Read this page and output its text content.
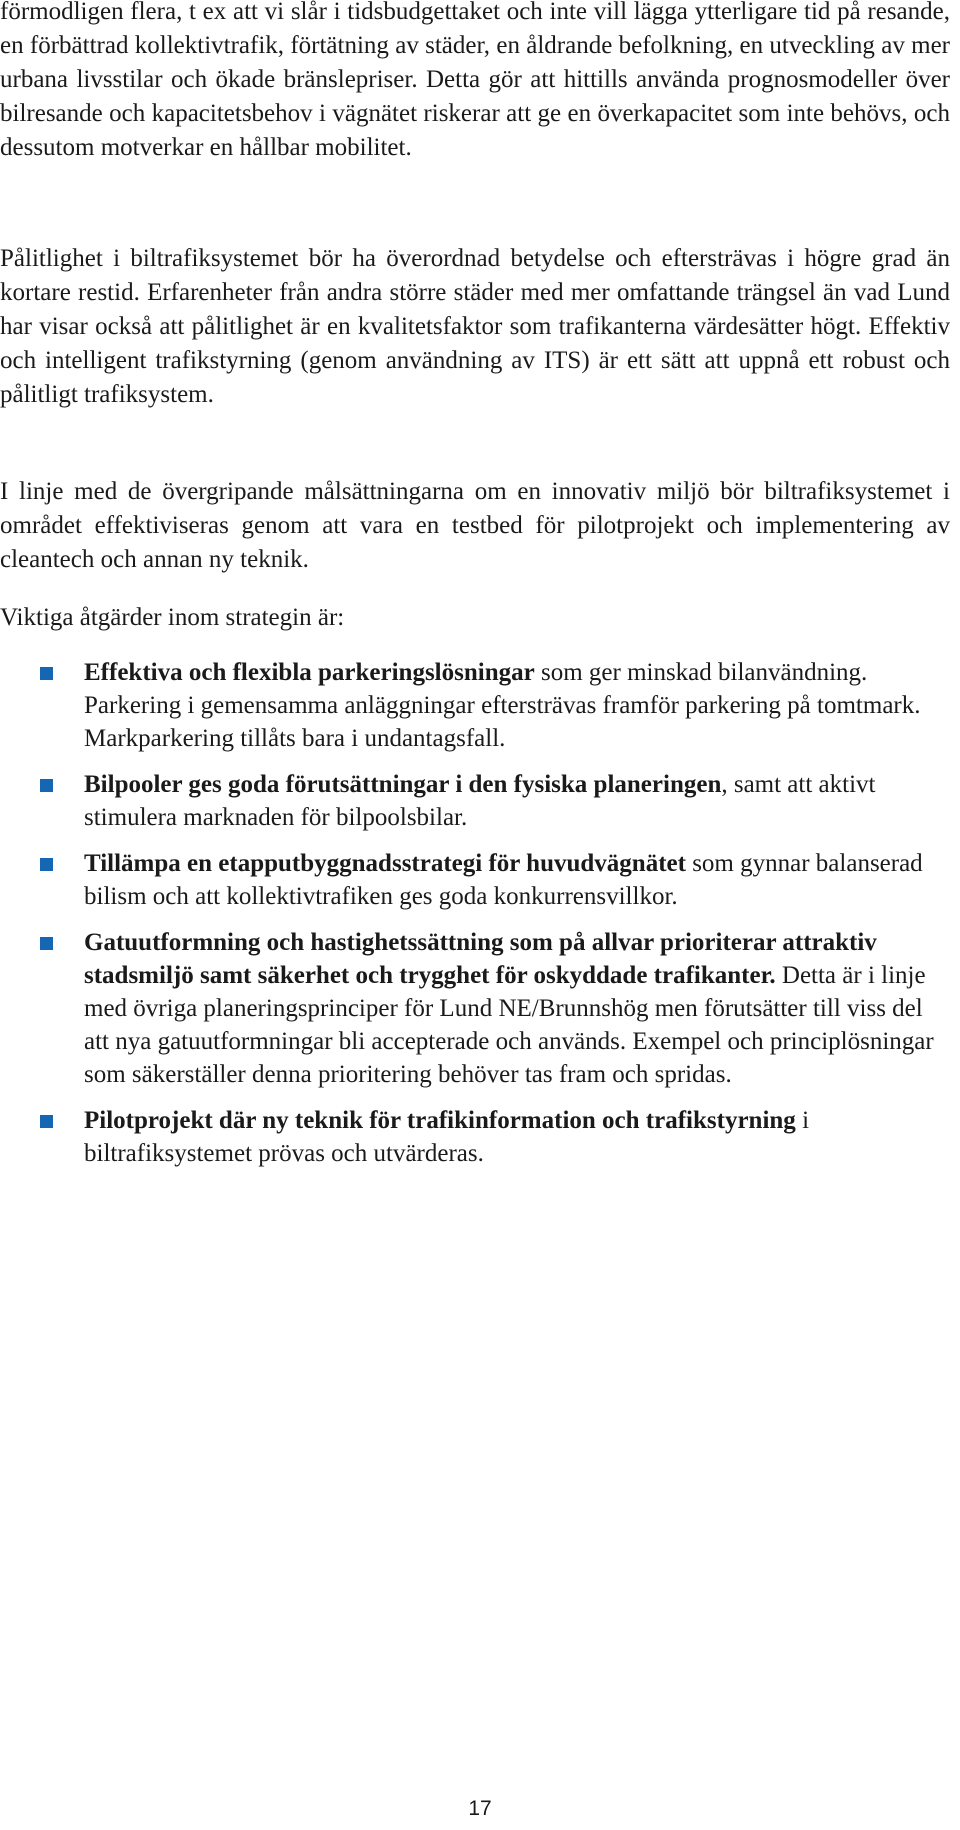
förmodligen flera, t ex att vi slår i tidsbudgettaket och inte vill lägga ytterligare tid på resande, en förbättrad kollektivtrafik, förtätning av städer, en åldrande befolkning, en utveckling av mer urbana livsstilar och ökade bränslepriser. Detta gör att hittills använda prognosmodeller över bilresande och kapacitetsbehov i vägnätet riskerar att ge en överkapacitet som inte behövs, och dessutom motverkar en hållbar mobilitet.

Pålitlighet i biltrafiksystemet bör ha överordnad betydelse och eftersträvas i högre grad än kortare restid. Erfarenheter från andra större städer med mer omfattande trängsel än vad Lund har visar också att pålitlighet är en kvalitetsfaktor som trafikanterna värdesätter högt. Effektiv och intelligent trafikstyrning (genom användning av ITS) är ett sätt att uppnå ett robust och pålitligt trafiksystem.

I linje med de övergripande målsättningarna om en innovativ miljö bör biltrafiksystemet i området effektiviseras genom att vara en testbed för pilotprojekt och implementering av cleantech och annan ny teknik.

Viktiga åtgärder inom strategin är:

Effektiva och flexibla parkeringslösningar som ger minskad bilanvändning. Parkering i gemensamma anläggningar eftersträvas framför parkering på tomtmark. Markparkering tillåts bara i undantagsfall.
Bilpooler ges goda förutsättningar i den fysiska planeringen, samt att aktivt stimulera marknaden för bilpoolsbilar.
Tillämpa en etapputbyggnadsstrategi för huvudvägnätet som gynnar balanserad bilism och att kollektivtrafiken ges goda konkurrensvillkor.
Gatuutformning och hastighetssättning som på allvar prioriterar attraktiv stadsmiljö samt säkerhet och trygghet för oskyddade trafikanter. Detta är i linje med övriga planeringsprinciper för Lund NE/Brunnshög men förutsätter till viss del att nya gatuutformningar bli accepterade och används. Exempel och principlösningar som säkerställer denna prioritering behöver tas fram och spridas.
Pilotprojekt där ny teknik för trafikinformation och trafikstyrning i biltrafiksystemet prövas och utvärderas.
17
